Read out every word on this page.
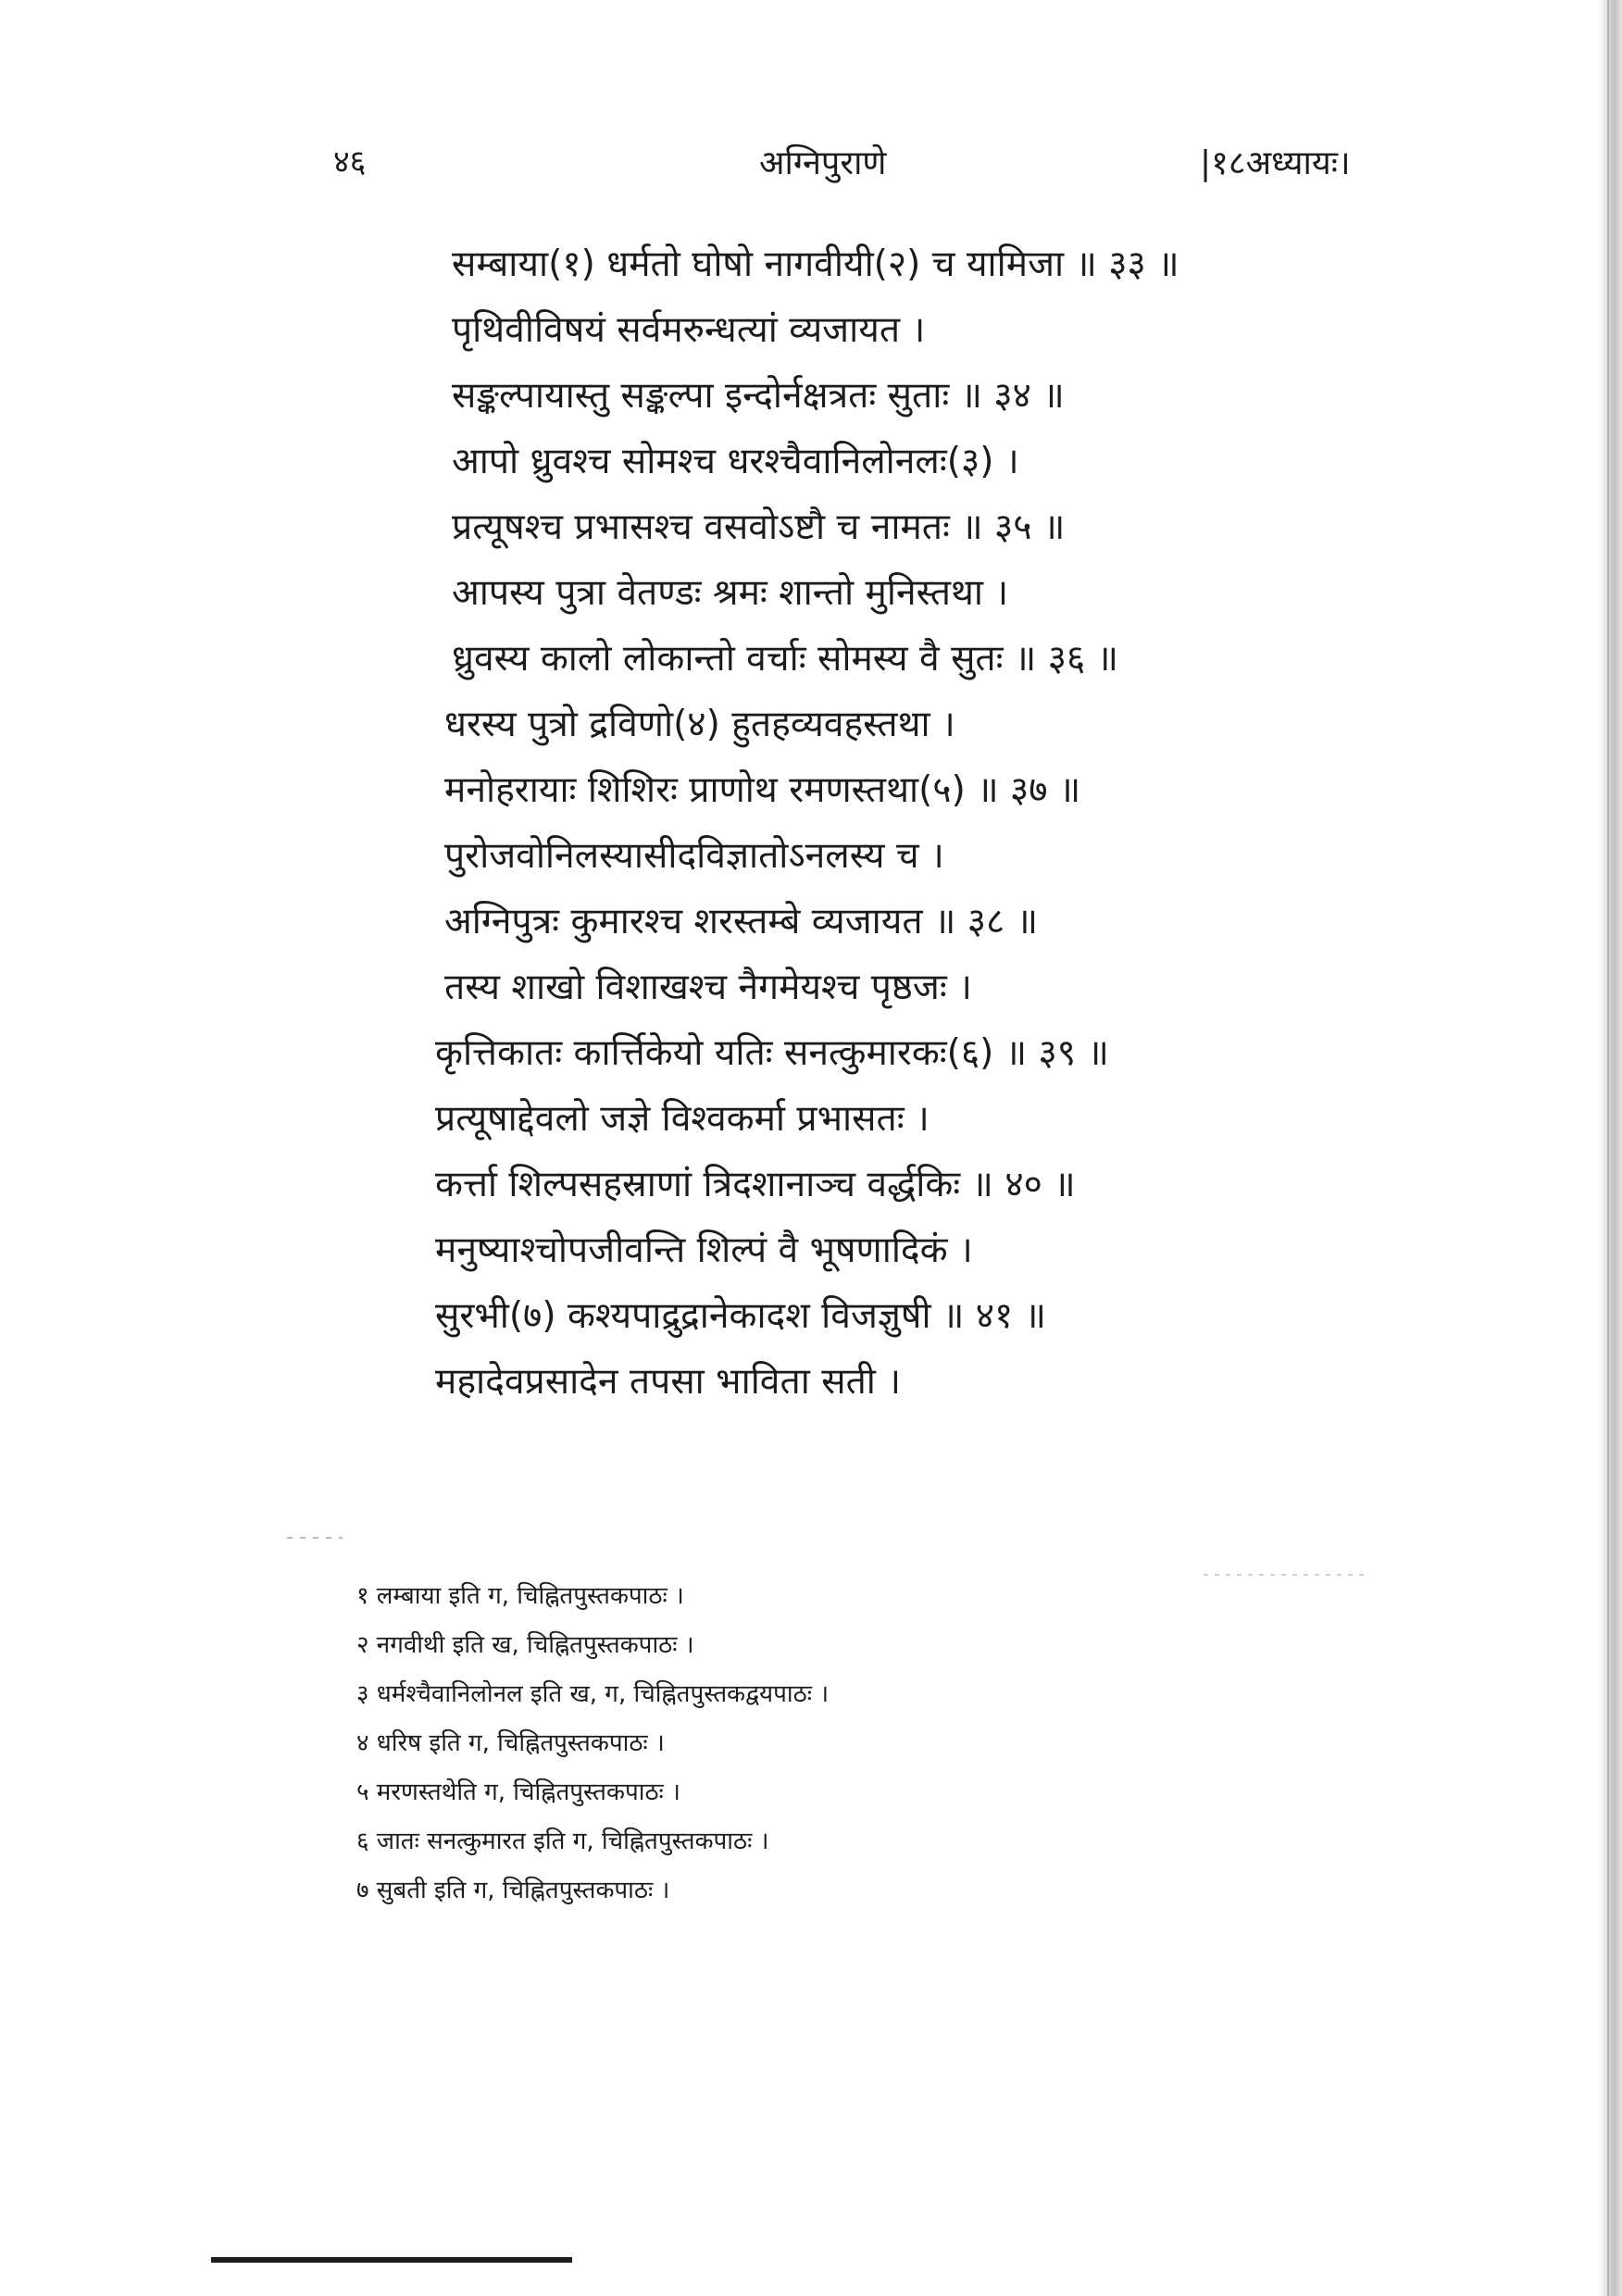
४६	अग्निपुराणे	|१८अध्यायः।
सम्बाया(१) धर्मतो घोषो नागवीयी(२) च यामिजा ॥ ३३ ॥
पृथिवीविषयं सर्वमरुन्धत्यां व्यजायत ।
सङ्कल्पायास्तु सङ्कल्पा इन्दोर्नक्षत्रतः सुताः ॥ ३४ ॥
आपो ध्रुवश्च सोमश्च धरश्चैवानिलोनलः(३) ।
प्रत्यूषश्च प्रभासश्च वसवोऽष्टौ च नामतः ॥ ३५ ॥
आपस्य पुत्रा वेतण्डः श्रमः शान्तो मुनिस्तथा ।
ध्रुवस्य कालो लोकान्तो वर्चाः सोमस्य वै सुतः ॥ ३६ ॥
धरस्य पुत्रो द्रविणो(४) हुतहव्यवहस्तथा ।
मनोहरायाः शिशिरः प्राणोथ रमणस्तथा(५) ॥ ३७ ॥
पुरोजवोनिलस्यासीदविज्ञातोऽनलस्य च ।
अग्निपुत्रः कुमारश्च शरस्तम्बे व्यजायत ॥ ३८ ॥
तस्य शाखो विशाखश्च नैगमेयश्च पृष्ठजः ।
कृत्तिकातः कार्त्तिकेयो यतिः सनत्कुमारकः(६) ॥ ३९ ॥
प्रत्यूषाद्देवलो जज्ञे विश्वकर्मा प्रभासतः ।
कर्त्ता शिल्पसहस्राणां त्रिदशानाञ्च वर्द्धकिः ॥ ४० ॥
मनुष्याश्चोपजीवन्ति शिल्पं वै भूषणादिकं ।
सुरभी(७) कश्यपाद्रुद्रानेकादश विजज्ञुषी ॥ ४१ ॥
महादेवप्रसादेन तपसा भाविता सती ।
१ लम्बाया इति ग, चिह्नितपुस्तकपाठः ।
२ नगवीथी इति ख, चिह्नितपुस्तकपाठः ।
३ धर्मश्चैवानिलोनल इति ख, ग, चिह्नितपुस्तकद्वयपाठः ।
४ धरिष इति ग, चिह्नितपुस्तकपाठः ।
५ मरणस्तथेति ग, चिह्नितपुस्तकपाठः ।
६ जातः सनत्कुमारत इति ग, चिह्नितपुस्तकपाठः ।
७ सुबती इति ग, चिह्नितपुस्तकपाठः ।
